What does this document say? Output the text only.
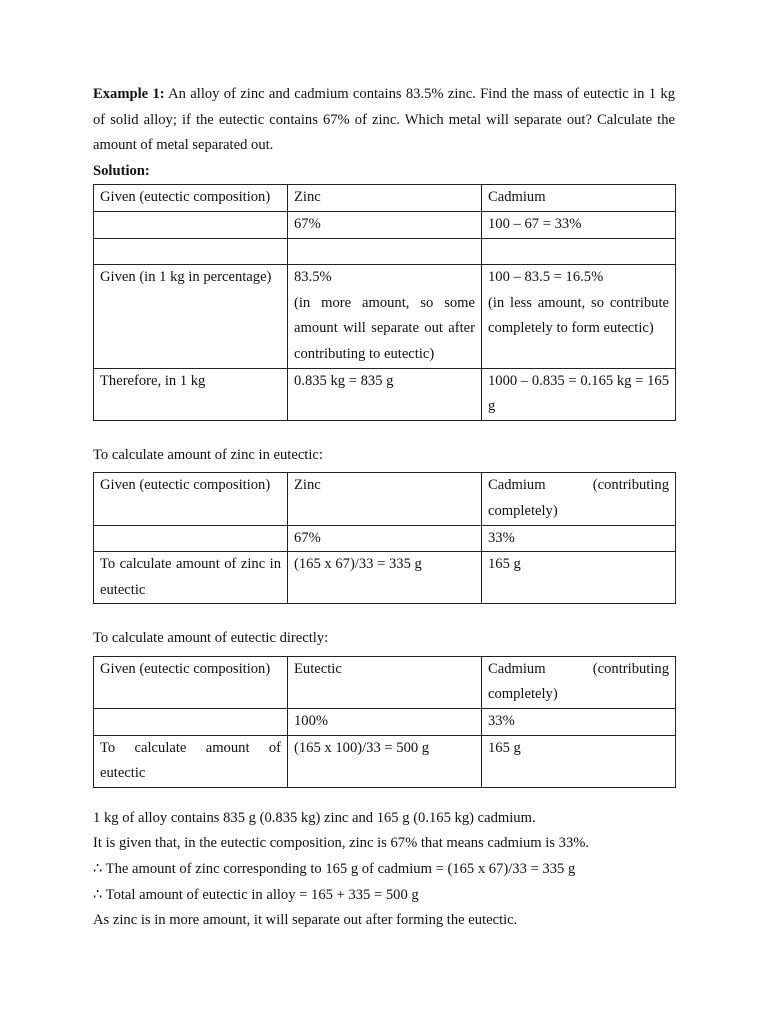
Example 1: An alloy of zinc and cadmium contains 83.5% zinc. Find the mass of eutectic in 1 kg of solid alloy; if the eutectic contains 67% of zinc. Which metal will separate out? Calculate the amount of metal separated out.

Solution:

Given (eutectic composition)	Zinc	Cadmium
	67%	100 – 67 = 33%

Given (in 1 kg in percentage)	83.5%	100 – 83.5 = 16.5%
	(in more amount, so some amount will separate out after contributing to eutectic)	(in less amount, so contribute completely to form eutectic)
Therefore, in 1 kg	0.835 kg = 835 g	1000 – 0.835 = 0.165 kg = 165 g

To calculate amount of zinc in eutectic:

Given (eutectic composition)	Zinc	Cadmium (contributing completely)
	67%	33%
To calculate amount of zinc in eutectic	(165 x 67)/33 = 335 g	165 g

To calculate amount of eutectic directly:

Given (eutectic composition)	Eutectic	Cadmium (contributing completely)
	100%	33%
To calculate amount of eutectic	(165 x 100)/33 = 500 g	165 g

1 kg of alloy contains 835 g (0.835 kg) zinc and 165 g (0.165 kg) cadmium.

It is given that, in the eutectic composition, zinc is 67% that means cadmium is 33%.

∴ The amount of zinc corresponding to 165 g of cadmium = (165 x 67)/33 = 335 g

∴ Total amount of eutectic in alloy = 165 + 335 = 500 g

As zinc is in more amount, it will separate out after forming the eutectic.
